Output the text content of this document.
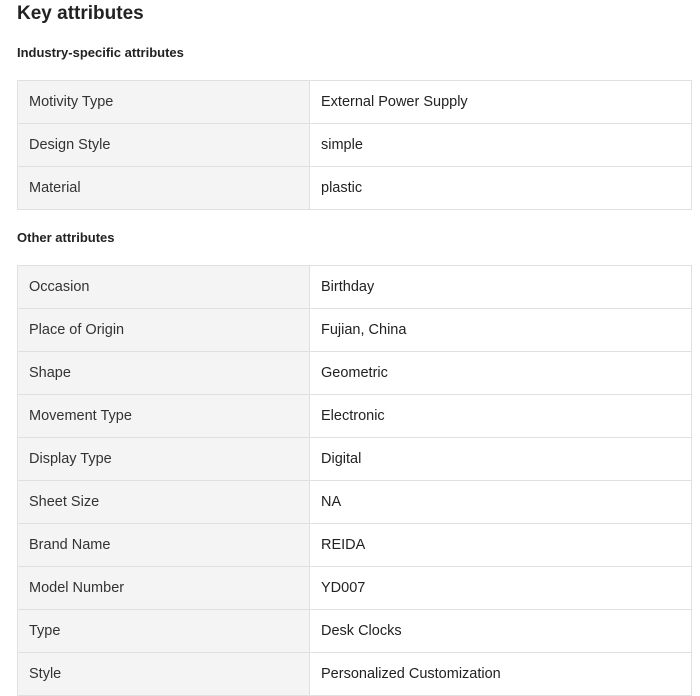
Key attributes
Industry-specific attributes
Motivity Type	External Power Supply
Design Style	simple
Material	plastic
Other attributes
Occasion	Birthday
Place of Origin	Fujian, China
Shape	Geometric
Movement Type	Electronic
Display Type	Digital
Sheet Size	NA
Brand Name	REIDA
Model Number	YD007
Type	Desk Clocks
Style	Personalized Customization
